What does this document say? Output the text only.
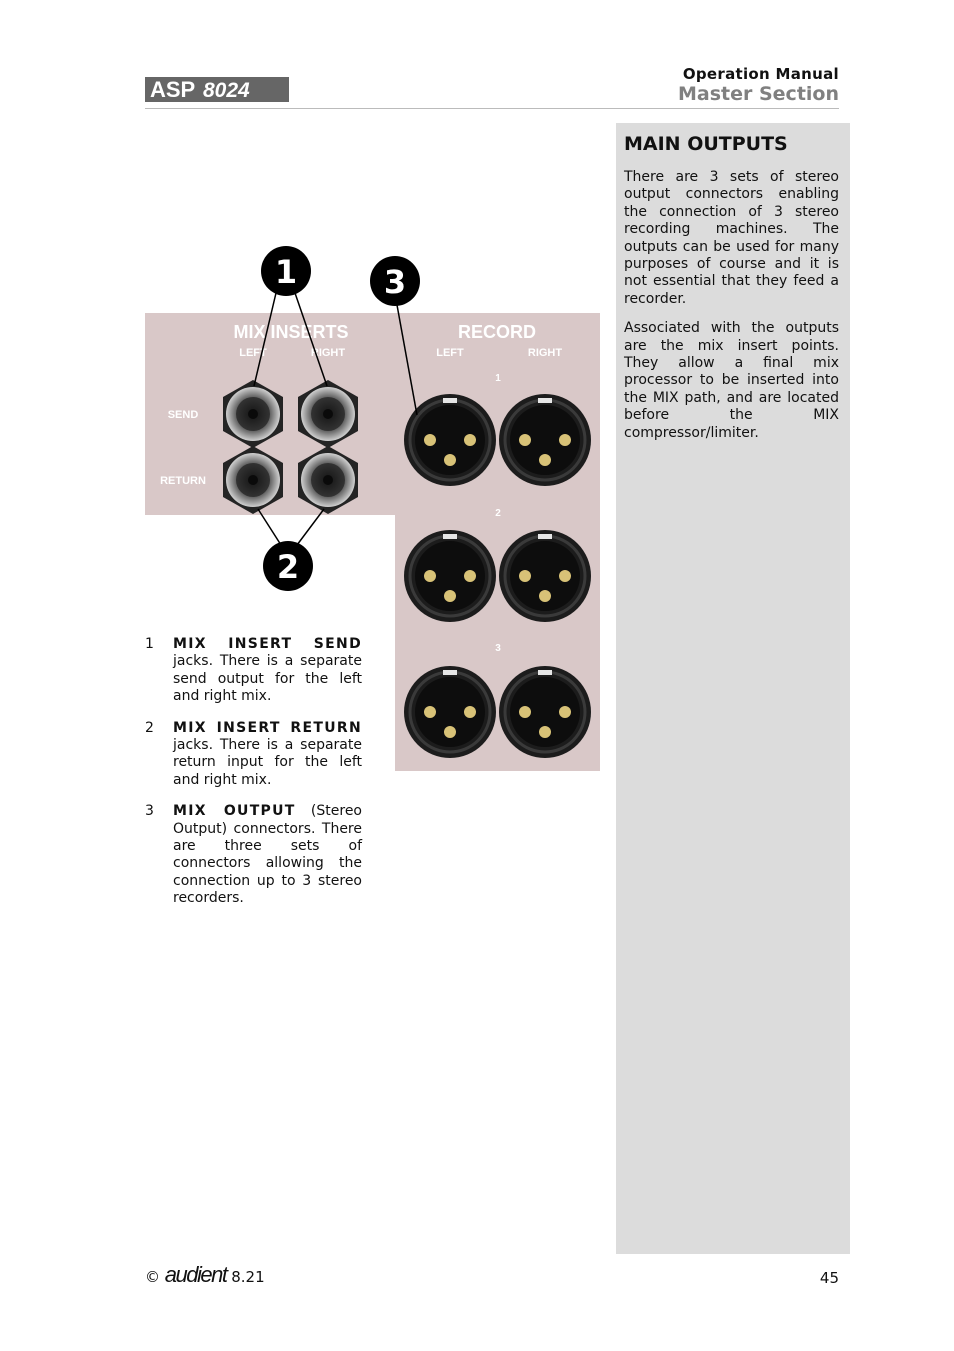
ASP 8024
Operation Manual
Master Section
MAIN OUTPUTS

There are 3 sets of stereo output connectors enabling the connection of 3 stereo recording machines. The outputs can be used for many purposes of course and it is not essential that they feed a recorder.

Associated with the outputs are the mix insert points. They allow a final mix processor to be inserted into the MIX path, and are located before the MIX compressor/limiter.

MIX INSERTS	RECORD
LEFT	RIGHT	LEFT	RIGHT
SEND
RETURN
1
2
3
1	3
2
1 MIX INSERT SEND jacks. There is a separate send output for the left and right mix.
2 MIX INSERT RETURN jacks. There is a separate return input for the left and right mix.
3 MIX OUTPUT (Stereo Output) connectors. There are three sets of connectors allowing the connection up to 3 stereo recorders.
© audient 8.21	45
